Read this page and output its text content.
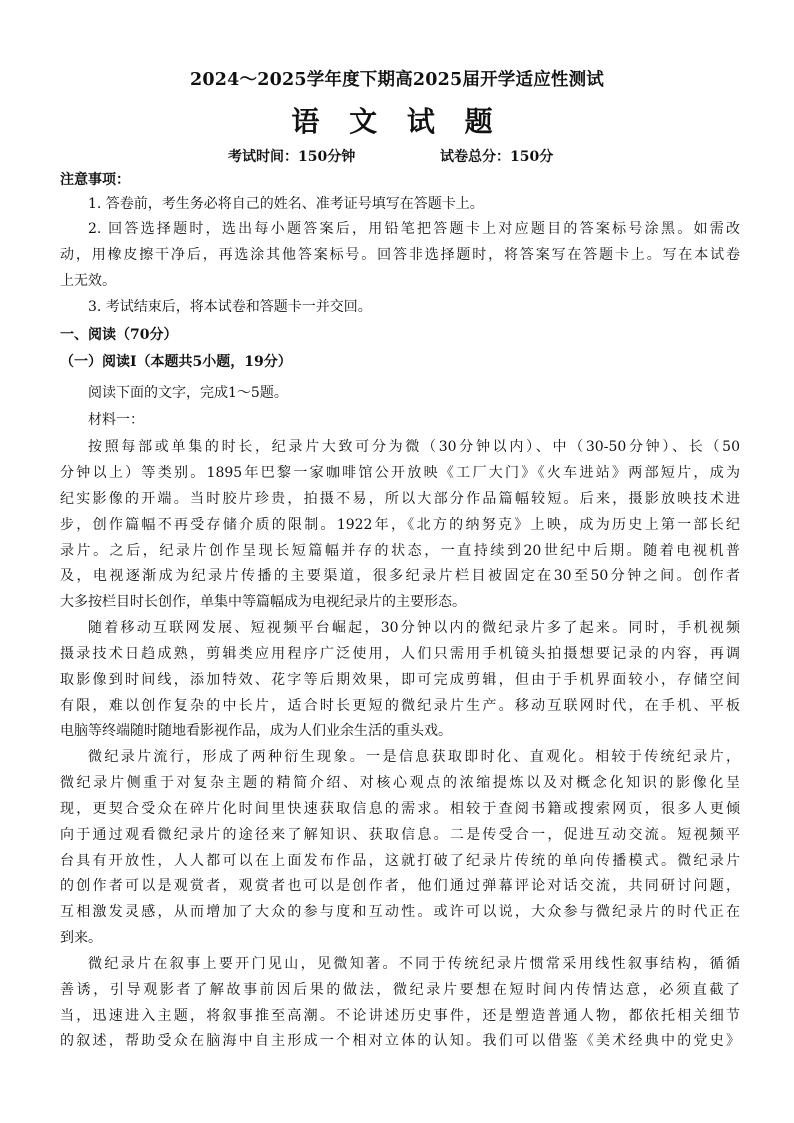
2024～2025学年度下期高2025届开学适应性测试
语 文 试 题
考试时间：150分钟	试卷总分：150分
注意事项：
1. 答卷前，考生务必将自己的姓名、准考证号填写在答题卡上。
2. 回答选择题时，选出每小题答案后，用铅笔把答题卡上对应题目的答案标号涂黑。如需改
动，用橡皮擦干净后，再选涂其他答案标号。回答非选择题时，将答案写在答题卡上。写在本试卷
上无效。
3. 考试结束后，将本试卷和答题卡一并交回。
一、阅读（70分）
（一）阅读Ⅰ（本题共5小题，19分）
阅读下面的文字，完成1～5题。
材料一：
按照每部或单集的时长，纪录片大致可分为微（30分钟以内）、中（30-50分钟）、长（50
分钟以上）等类别。1895年巴黎一家咖啡馆公开放映《工厂大门》《火车进站》两部短片，成为
纪实影像的开端。当时胶片珍贵，拍摄不易，所以大部分作品篇幅较短。后来，摄影放映技术进
步，创作篇幅不再受存储介质的限制。1922年，《北方的纳努克》上映，成为历史上第一部长纪
录片。之后，纪录片创作呈现长短篇幅并存的状态，一直持续到20世纪中后期。随着电视机普
及，电视逐渐成为纪录片传播的主要渠道，很多纪录片栏目被固定在30至50分钟之间。创作者
大多按栏目时长创作，单集中等篇幅成为电视纪录片的主要形态。
随着移动互联网发展、短视频平台崛起，30分钟以内的微纪录片多了起来。同时，手机视频
摄录技术日趋成熟，剪辑类应用程序广泛使用，人们只需用手机镜头拍摄想要记录的内容，再调
取影像到时间线，添加特效、花字等后期效果，即可完成剪辑，但由于手机界面较小，存储空间
有限，难以创作复杂的中长片，适合时长更短的微纪录片生产。移动互联网时代，在手机、平板
电脑等终端随时随地看影视作品，成为人们业余生活的重头戏。
微纪录片流行，形成了两种衍生现象。一是信息获取即时化、直观化。相较于传统纪录片，
微纪录片侧重于对复杂主题的精简介绍、对核心观点的浓缩提炼以及对概念化知识的影像化呈
现，更契合受众在碎片化时间里快速获取信息的需求。相较于查阅书籍或搜索网页，很多人更倾
向于通过观看微纪录片的途径来了解知识、获取信息。二是传受合一，促进互动交流。短视频平
台具有开放性，人人都可以在上面发布作品，这就打破了纪录片传统的单向传播模式。微纪录片
的创作者可以是观赏者，观赏者也可以是创作者，他们通过弹幕评论对话交流，共同研讨问题，
互相激发灵感，从而增加了大众的参与度和互动性。或许可以说，大众参与微纪录片的时代正在
到来。
微纪录片在叙事上要开门见山，见微知著。不同于传统纪录片惯常采用线性叙事结构，循循
善诱，引导观影者了解故事前因后果的做法，微纪录片要想在短时间内传情达意，必须直截了
当，迅速进入主题，将叙事推至高潮。不论讲述历史事件，还是塑造普通人物，都依托相关细节
的叙述，帮助受众在脑海中自主形成一个相对立体的认知。我们可以借鉴《美术经典中的党史》
